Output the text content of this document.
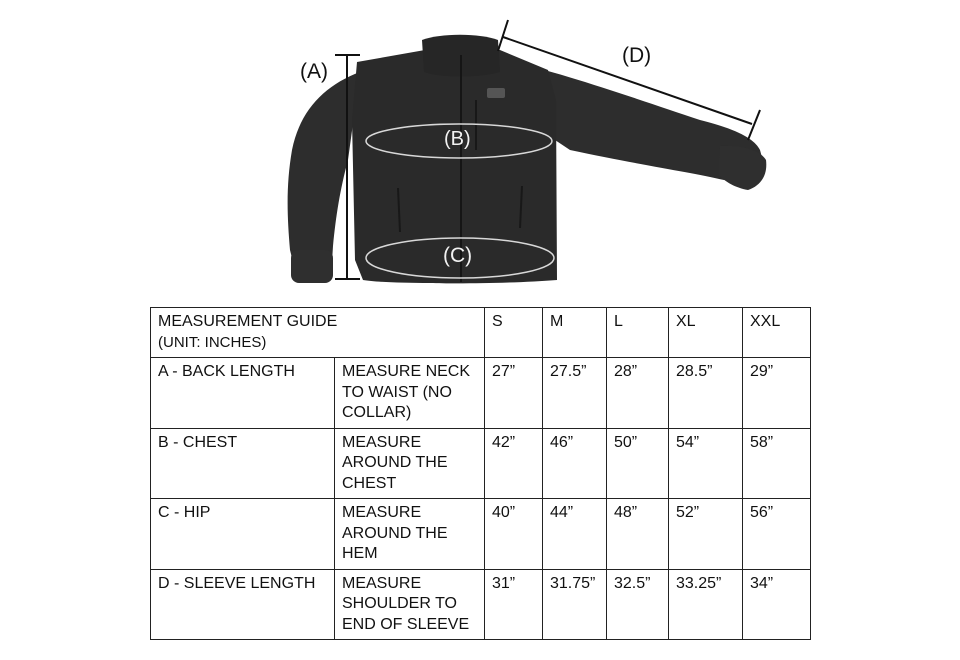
(A)
(B)
(C)
(D)
MEASUREMENT GUIDE
(UNIT: INCHES)		S	M	L	XL	XXL
A - BACK LENGTH	MEASURE NECK TO WAIST (NO COLLAR)	27”	27.5”	28”	28.5”	29”
B - CHEST	MEASURE AROUND THE CHEST	42”	46”	50”	54”	58”
C - HIP	MEASURE AROUND THE HEM	40”	44”	48”	52”	56”
D - SLEEVE LENGTH	MEASURE SHOULDER TO END OF SLEEVE	31”	31.75”	32.5”	33.25”	34”
